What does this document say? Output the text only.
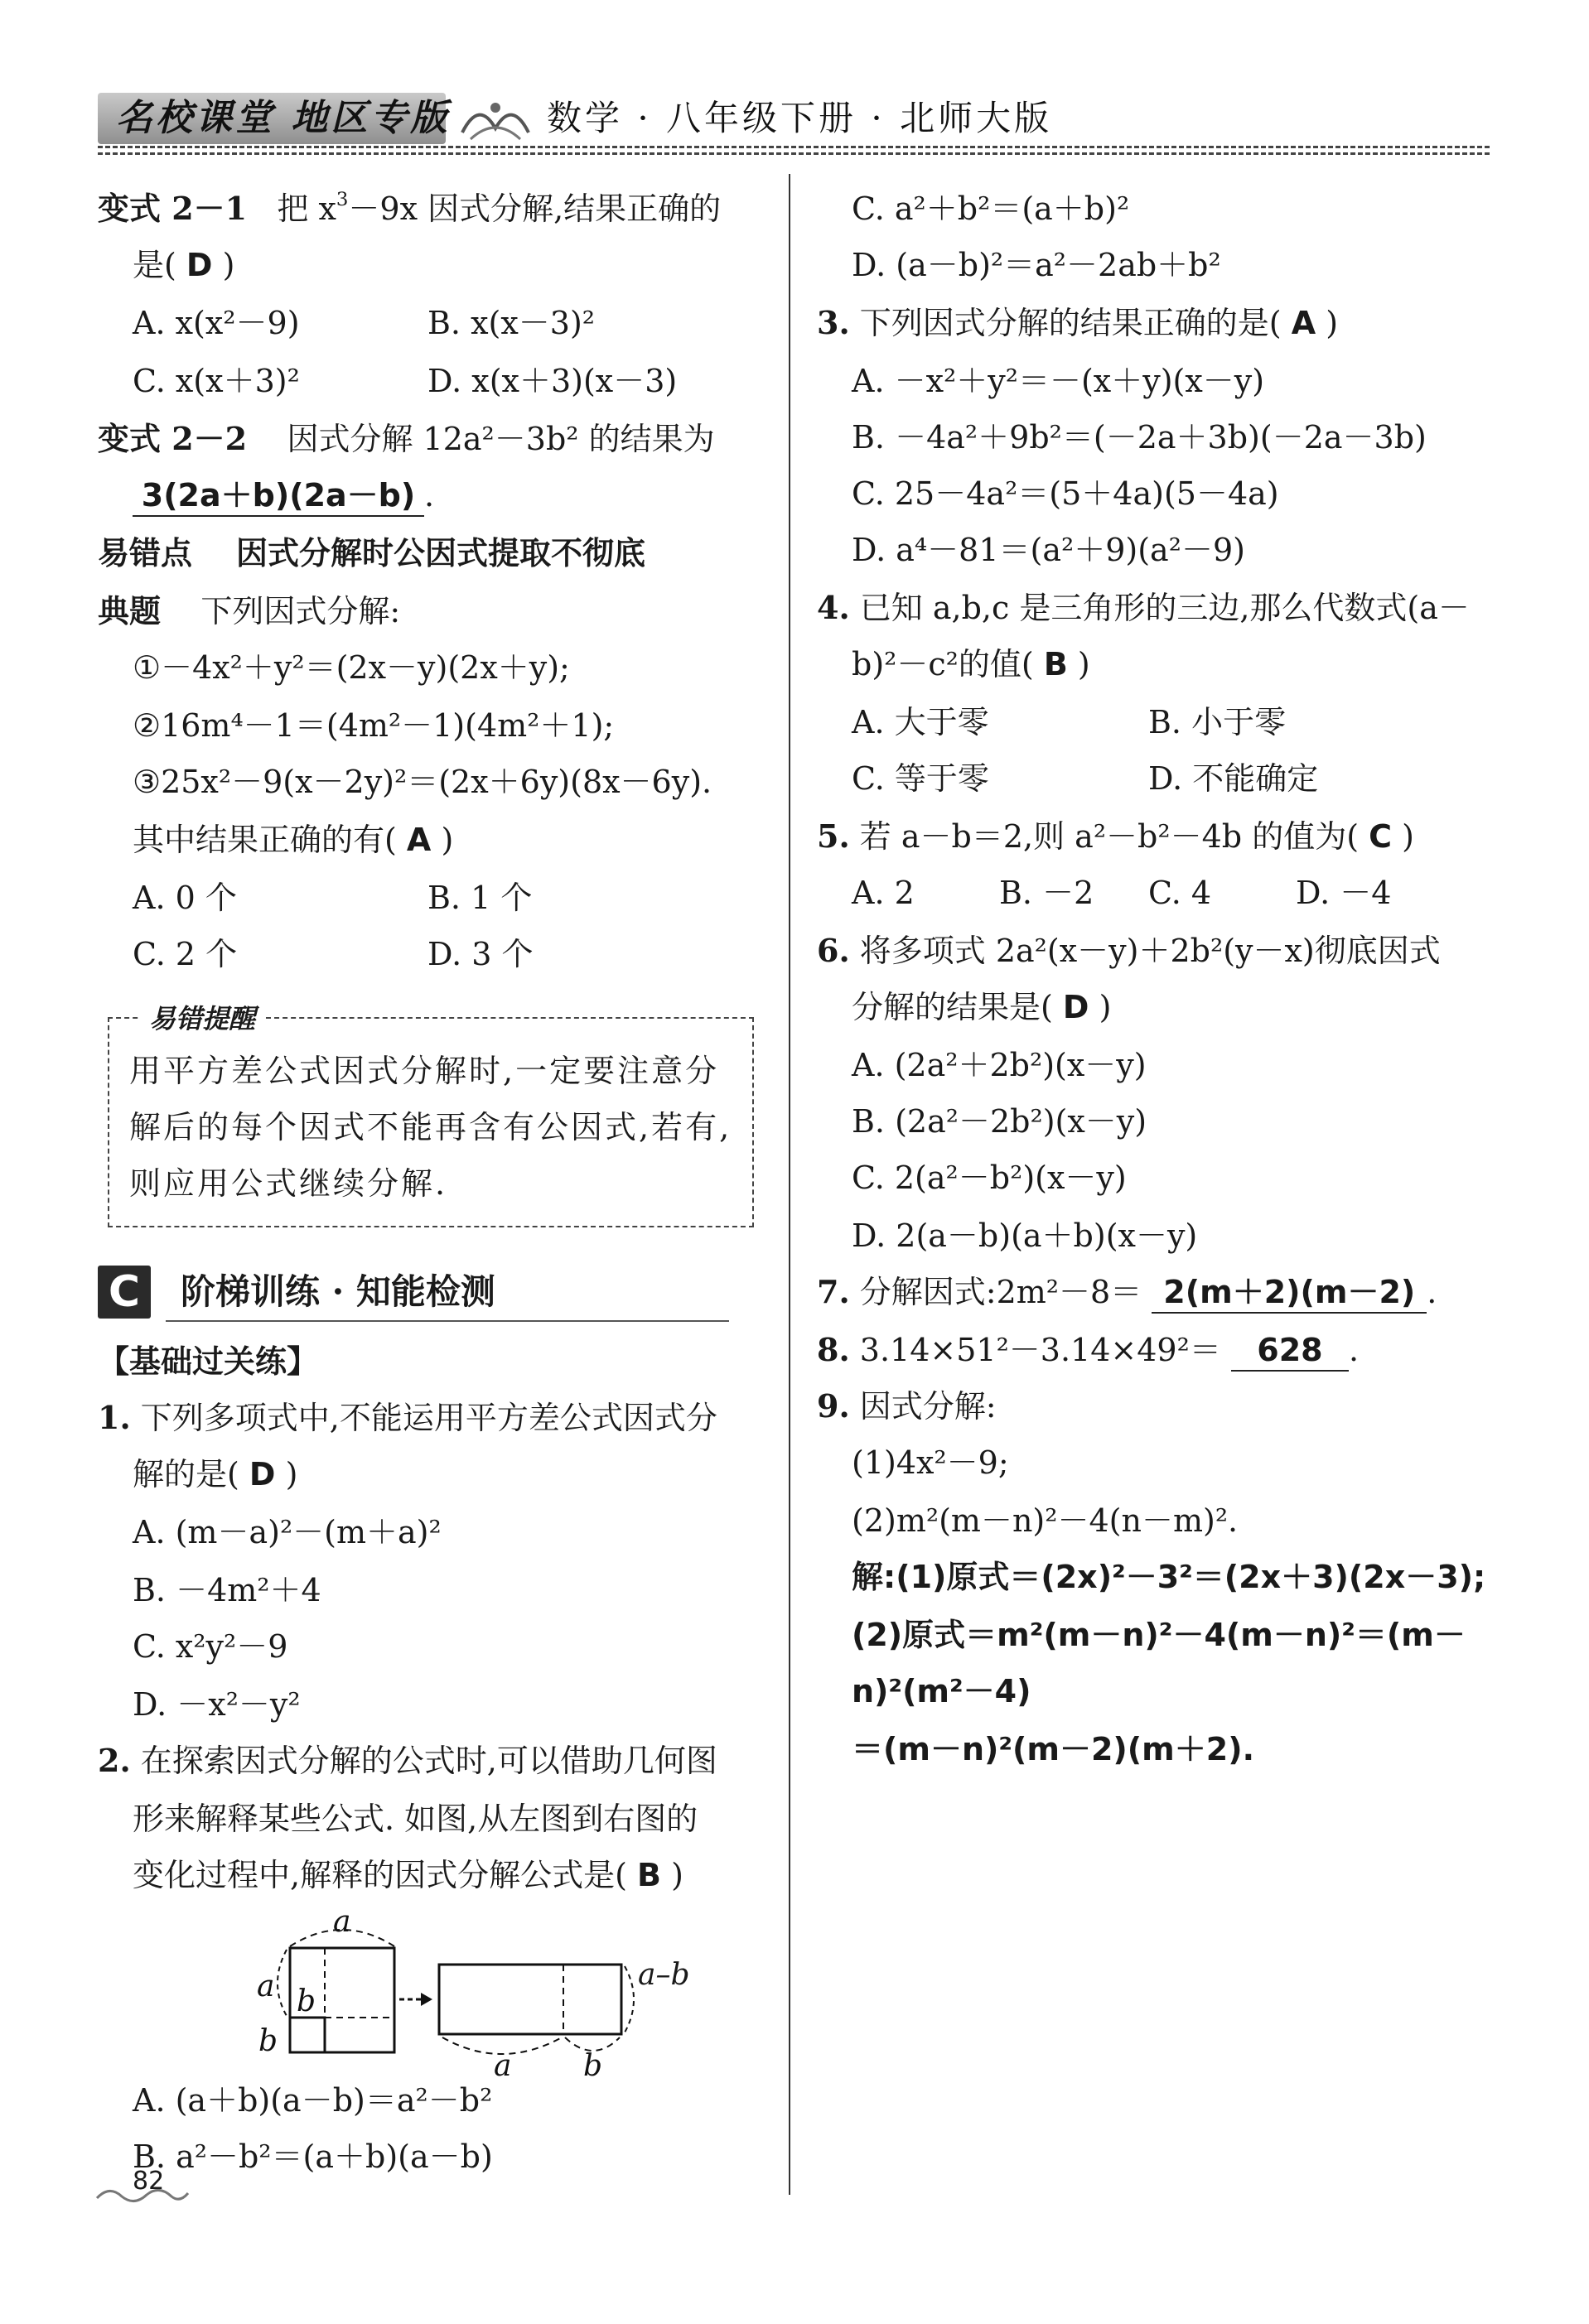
名校课堂 地区专版	数学 · 八年级下册 · 北师大版
变式 2－1 把 $x^3-9x$ 因式分解,结果正确的
是( D )
A. x(x²－9)	B. x(x－3)²
C. x(x＋3)²	D. x(x＋3)(x－3)
变式 2－2 因式分解 12a²－3b² 的结果为
3(2a＋b)(2a－b) .
易错点 因式分解时公因式提取不彻底
典题 下列因式分解:
①－4x²＋y²＝(2x－y)(2x＋y);
②16m⁴－1＝(4m²－1)(4m²＋1);
③25x²－9(x－2y)²＝(2x＋6y)(8x－6y).
其中结果正确的有( A )
A. 0 个	B. 1 个
C. 2 个	D. 3 个
易错提醒
用平方差公式因式分解时,一定要注意分
解后的每个因式不能再含有公因式,若有,
则应用公式继续分解.
C	阶梯训练 · 知能检测
【基础过关练】
1. 下列多项式中,不能运用平方差公式因式分
解的是( D )
A. (m－a)²－(m＋a)²
B. －4m²＋4
C. x²y²－9
D. －x²－y²
2. 在探索因式分解的公式时,可以借助几何图
形来解释某些公式. 如图,从左图到右图的
变化过程中,解释的因式分解公式是( B )
a
a b
b
a b
a–b
A. (a＋b)(a－b)＝a²－b²
B. a²－b²＝(a＋b)(a－b)
82
C. a²＋b²＝(a＋b)²
D. (a－b)²＝a²－2ab＋b²
3. 下列因式分解的结果正确的是( A )
A. －x²＋y²＝－(x＋y)(x－y)
B. －4a²＋9b²＝(－2a＋3b)(－2a－3b)
C. 25－4a²＝(5＋4a)(5－4a)
D. a⁴－81＝(a²＋9)(a²－9)
4. 已知 a,b,c 是三角形的三边,那么代数式(a－
b)²－c²的值( B )
A. 大于零	B. 小于零
C. 等于零	D. 不能确定
5. 若 a－b＝2,则 a²－b²－4b 的值为( C )
A. 2	B. －2 C. 4	D. －4
6. 将多项式 2a²(x－y)＋2b²(y－x)彻底因式
分解的结果是( D )
A. (2a²＋2b²)(x－y)
B. (2a²－2b²)(x－y)
C. 2(a²－b²)(x－y)
D. 2(a－b)(a＋b)(x－y)
7. 分解因式:2m²－8＝ 2(m＋2)(m－2) .
8. 3.14×51²－3.14×49²＝ 628 .
9. 因式分解:
(1)4x²－9;
(2)m²(m－n)²－4(n－m)².
解:(1)原式＝(2x)²－3²＝(2x＋3)(2x－3);
(2)原式＝m²(m－n)²－4(m－n)²＝(m－
n)²(m²－4)
＝(m－n)²(m－2)(m＋2).
